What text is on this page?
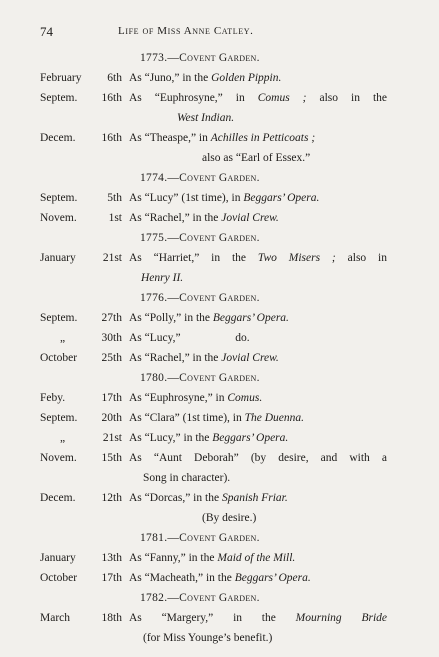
74	Life of Miss Anne Catley.
1773.—Covent Garden.
February 6th As “Juno,” in the Golden Pippin.
Septem. 16th As “Euphrosyne,” in Comus ; also in the
West Indian.
Decem. 16th As “Theaspe,” in Achilles in Petticoats ;
also as “Earl of Essex.”
1774.—Covent Garden.
Septem.	5th As “Lucy” (1st time), in Beggars’ Opera.
Novem.	1st As “Rachel,” in the Jovial Crew.
1775.—Covent Garden.
January 21st As “Harriet,” in the Two Misers ; also in
Henry II.
1776.—Covent Garden.
Septem. 27th As “Polly,” in the Beggars’ Opera.
„	30th As “Lucy,”                   do.
October 25th As “Rachel,” in the Jovial Crew.
1780.—Covent Garden.
Feby.	17th As “Euphrosyne,” in Comus.
Septem. 20th As “Clara” (1st time), in The Duenna.
„	21st As “Lucy,” in the Beggars’ Opera.
Novem. 15th As “Aunt Deborah” (by desire, and with a
Song in character).
Decem. 12th As “Dorcas,” in the Spanish Friar.
(By desire.)
1781.—Covent Garden.
January 13th As “Fanny,” in the Maid of the Mill.
October 17th As “Macheath,” in the Beggars’ Opera.
1782.—Covent Garden.
March	18th As “Margery,” in the Mourning Bride
(for Miss Younge’s benefit.)
